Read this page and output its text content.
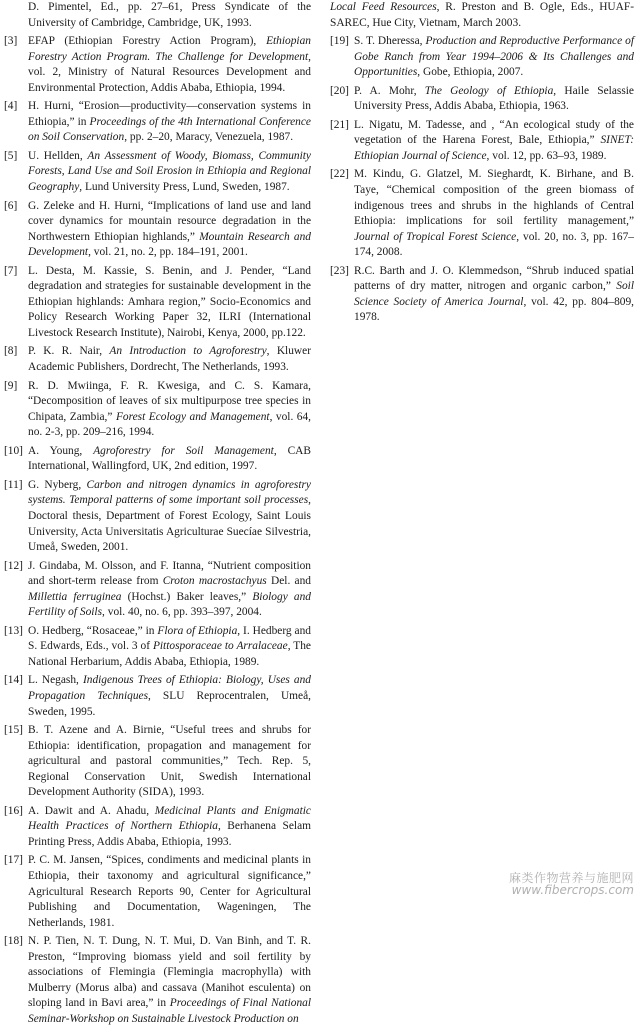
D. Pimentel, Ed., pp. 27–61, Press Syndicate of the University of Cambridge, Cambridge, UK, 1993.
[3] EFAP (Ethiopian Forestry Action Program), Ethiopian Forestry Action Program. The Challenge for Development, vol. 2, Ministry of Natural Resources Development and Environmental Protection, Addis Ababa, Ethiopia, 1994.
[4] H. Hurni, “Erosion—productivity—conservation systems in Ethiopia,” in Proceedings of the 4th International Conference on Soil Conservation, pp. 2–20, Maracy, Venezuela, 1987.
[5] U. Hellden, An Assessment of Woody, Biomass, Community Forests, Land Use and Soil Erosion in Ethiopia and Regional Geography, Lund University Press, Lund, Sweden, 1987.
[6] G. Zeleke and H. Hurni, “Implications of land use and land cover dynamics for mountain resource degradation in the Northwestern Ethiopian highlands,” Mountain Research and Development, vol. 21, no. 2, pp. 184–191, 2001.
[7] L. Desta, M. Kassie, S. Benin, and J. Pender, “Land degradation and strategies for sustainable development in the Ethiopian highlands: Amhara region,” Socio-Economics and Policy Research Working Paper 32, ILRI (International Livestock Research Institute), Nairobi, Kenya, 2000, pp.122.
[8] P. K. R. Nair, An Introduction to Agroforestry, Kluwer Academic Publishers, Dordrecht, The Netherlands, 1993.
[9] R. D. Mwiinga, F. R. Kwesiga, and C. S. Kamara, “Decomposition of leaves of six multipurpose tree species in Chipata, Zambia,” Forest Ecology and Management, vol. 64, no. 2-3, pp. 209–216, 1994.
[10] A. Young, Agroforestry for Soil Management, CAB International, Wallingford, UK, 2nd edition, 1997.
[11] G. Nyberg, Carbon and nitrogen dynamics in agroforestry systems. Temporal patterns of some important soil processes, Doctoral thesis, Department of Forest Ecology, Saint Louis University, Acta Universitatis Agriculturae Suecíae Silvestria, Umeå, Sweden, 2001.
[12] J. Gindaba, M. Olsson, and F. Itanna, “Nutrient composition and short-term release from Croton macrostachyus Del. and Millettia ferruginea (Hochst.) Baker leaves,” Biology and Fertility of Soils, vol. 40, no. 6, pp. 393–397, 2004.
[13] O. Hedberg, “Rosaceae,” in Flora of Ethiopia, I. Hedberg and S. Edwards, Eds., vol. 3 of Pittosporaceae to Arralaceae, The National Herbarium, Addis Ababa, Ethiopia, 1989.
[14] L. Negash, Indigenous Trees of Ethiopia: Biology, Uses and Propagation Techniques, SLU Reprocentralen, Umeå, Sweden, 1995.
[15] B. T. Azene and A. Birnie, “Useful trees and shrubs for Ethiopia: identification, propagation and management for agricultural and pastoral communities,” Tech. Rep. 5, Regional Conservation Unit, Swedish International Development Authority (SIDA), 1993.
[16] A. Dawit and A. Ahadu, Medicinal Plants and Enigmatic Health Practices of Northern Ethiopia, Berhanena Selam Printing Press, Addis Ababa, Ethiopia, 1993.
[17] P. C. M. Jansen, “Spices, condiments and medicinal plants in Ethiopia, their taxonomy and agricultural significance,” Agricultural Research Reports 90, Center for Agricultural Publishing and Documentation, Wageningen, The Netherlands, 1981.
[18] N. P. Tien, N. T. Dung, N. T. Mui, D. Van Binh, and T. R. Preston, “Improving biomass yield and soil fertility by associations of Flemingia (Flemingia macrophylla) with Mulberry (Morus alba) and cassava (Manihot esculenta) on sloping land in Bavi area,” in Proceedings of Final National Seminar-Workshop on Sustainable Livestock Production on
Local Feed Resources, R. Preston and B. Ogle, Eds., HUAF-SAREC, Hue City, Vietnam, March 2003.
[19] S. T. Dheressa, Production and Reproductive Performance of Gobe Ranch from Year 1994–2006 & Its Challenges and Opportunities, Gobe, Ethiopia, 2007.
[20] P. A. Mohr, The Geology of Ethiopia, Haile Selassie University Press, Addis Ababa, Ethiopia, 1963.
[21] L. Nigatu, M. Tadesse, and , “An ecological study of the vegetation of the Harena Forest, Bale, Ethiopia,” SINET: Ethiopian Journal of Science, vol. 12, pp. 63–93, 1989.
[22] M. Kindu, G. Glatzel, M. Sieghardt, K. Birhane, and B. Taye, “Chemical composition of the green biomass of indigenous trees and shrubs in the highlands of Central Ethiopia: implications for soil fertility management,” Journal of Tropical Forest Science, vol. 20, no. 3, pp. 167–174, 2008.
[23] R.C. Barth and J. O. Klemmedson, “Shrub induced spatial patterns of dry matter, nitrogen and organic carbon,” Soil Science Society of America Journal, vol. 42, pp. 804–809, 1978.
麻类作物营养与施肥网
www.fibercrops.com
